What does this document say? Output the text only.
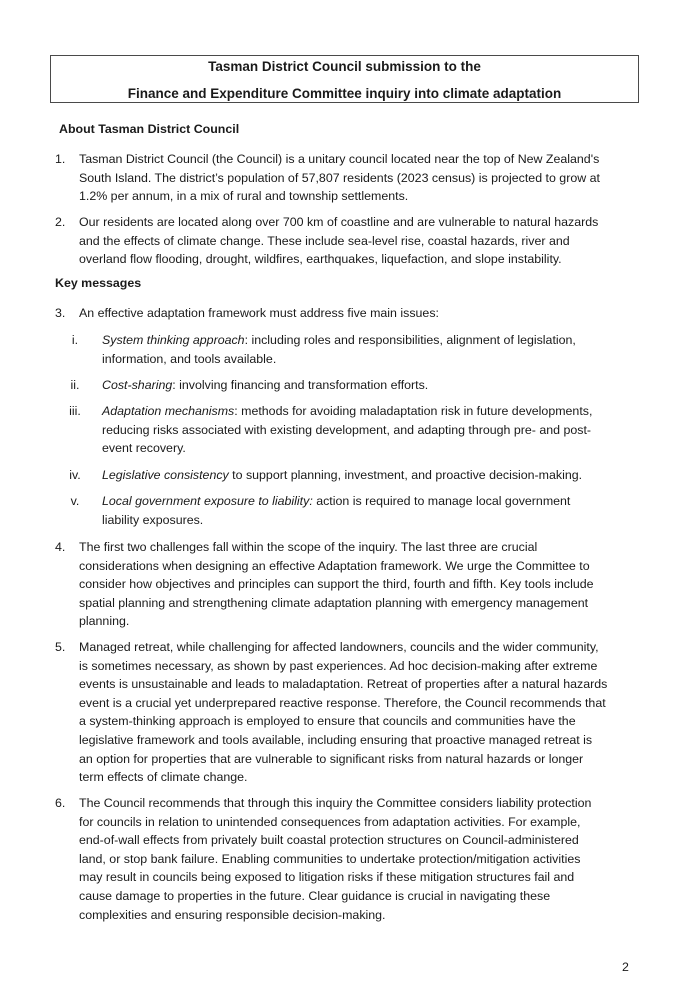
Tasman District Council submission to the
Finance and Expenditure Committee inquiry into climate adaptation
About Tasman District Council
1. Tasman District Council (the Council) is a unitary council located near the top of New Zealand's
South Island. The district’s population of 57,807 residents (2023 census) is projected to grow at
1.2% per annum, in a mix of rural and township settlements.
2. Our residents are located along over 700 km of coastline and are vulnerable to natural hazards
and the effects of climate change. These include sea-level rise, coastal hazards, river and
overland flow flooding, drought, wildfires, earthquakes, liquefaction, and slope instability.
Key messages
3. An effective adaptation framework must address five main issues:
i.	System thinking approach: including roles and responsibilities, alignment of legislation,
information, and tools available.
ii.	Cost-sharing: involving financing and transformation efforts.
iii.	Adaptation mechanisms: methods for avoiding maladaptation risk in future developments,
reducing risks associated with existing development, and adapting through pre- and post-
event recovery.
iv.	Legislative consistency to support planning, investment, and proactive decision-making.
v.	Local government exposure to liability: action is required to manage local government
liability exposures.
4. The first two challenges fall within the scope of the inquiry. The last three are crucial
considerations when designing an effective Adaptation framework. We urge the Committee to
consider how objectives and principles can support the third, fourth and fifth. Key tools include
spatial planning and strengthening climate adaptation planning with emergency management
planning.
5. Managed retreat, while challenging for affected landowners, councils and the wider community,
is sometimes necessary, as shown by past experiences. Ad hoc decision-making after extreme
events is unsustainable and leads to maladaptation. Retreat of properties after a natural hazards
event is a crucial yet underprepared reactive response. Therefore, the Council recommends that
a system-thinking approach is employed to ensure that councils and communities have the
legislative framework and tools available, including ensuring that proactive managed retreat is
an option for properties that are vulnerable to significant risks from natural hazards or longer
term effects of climate change.
6. The Council recommends that through this inquiry the Committee considers liability protection
for councils in relation to unintended consequences from adaptation activities. For example,
end-of-wall effects from privately built coastal protection structures on Council-administered
land, or stop bank failure. Enabling communities to undertake protection/mitigation activities
may result in councils being exposed to litigation risks if these mitigation structures fail and
cause damage to properties in the future. Clear guidance is crucial in navigating these
complexities and ensuring responsible decision-making.
2
